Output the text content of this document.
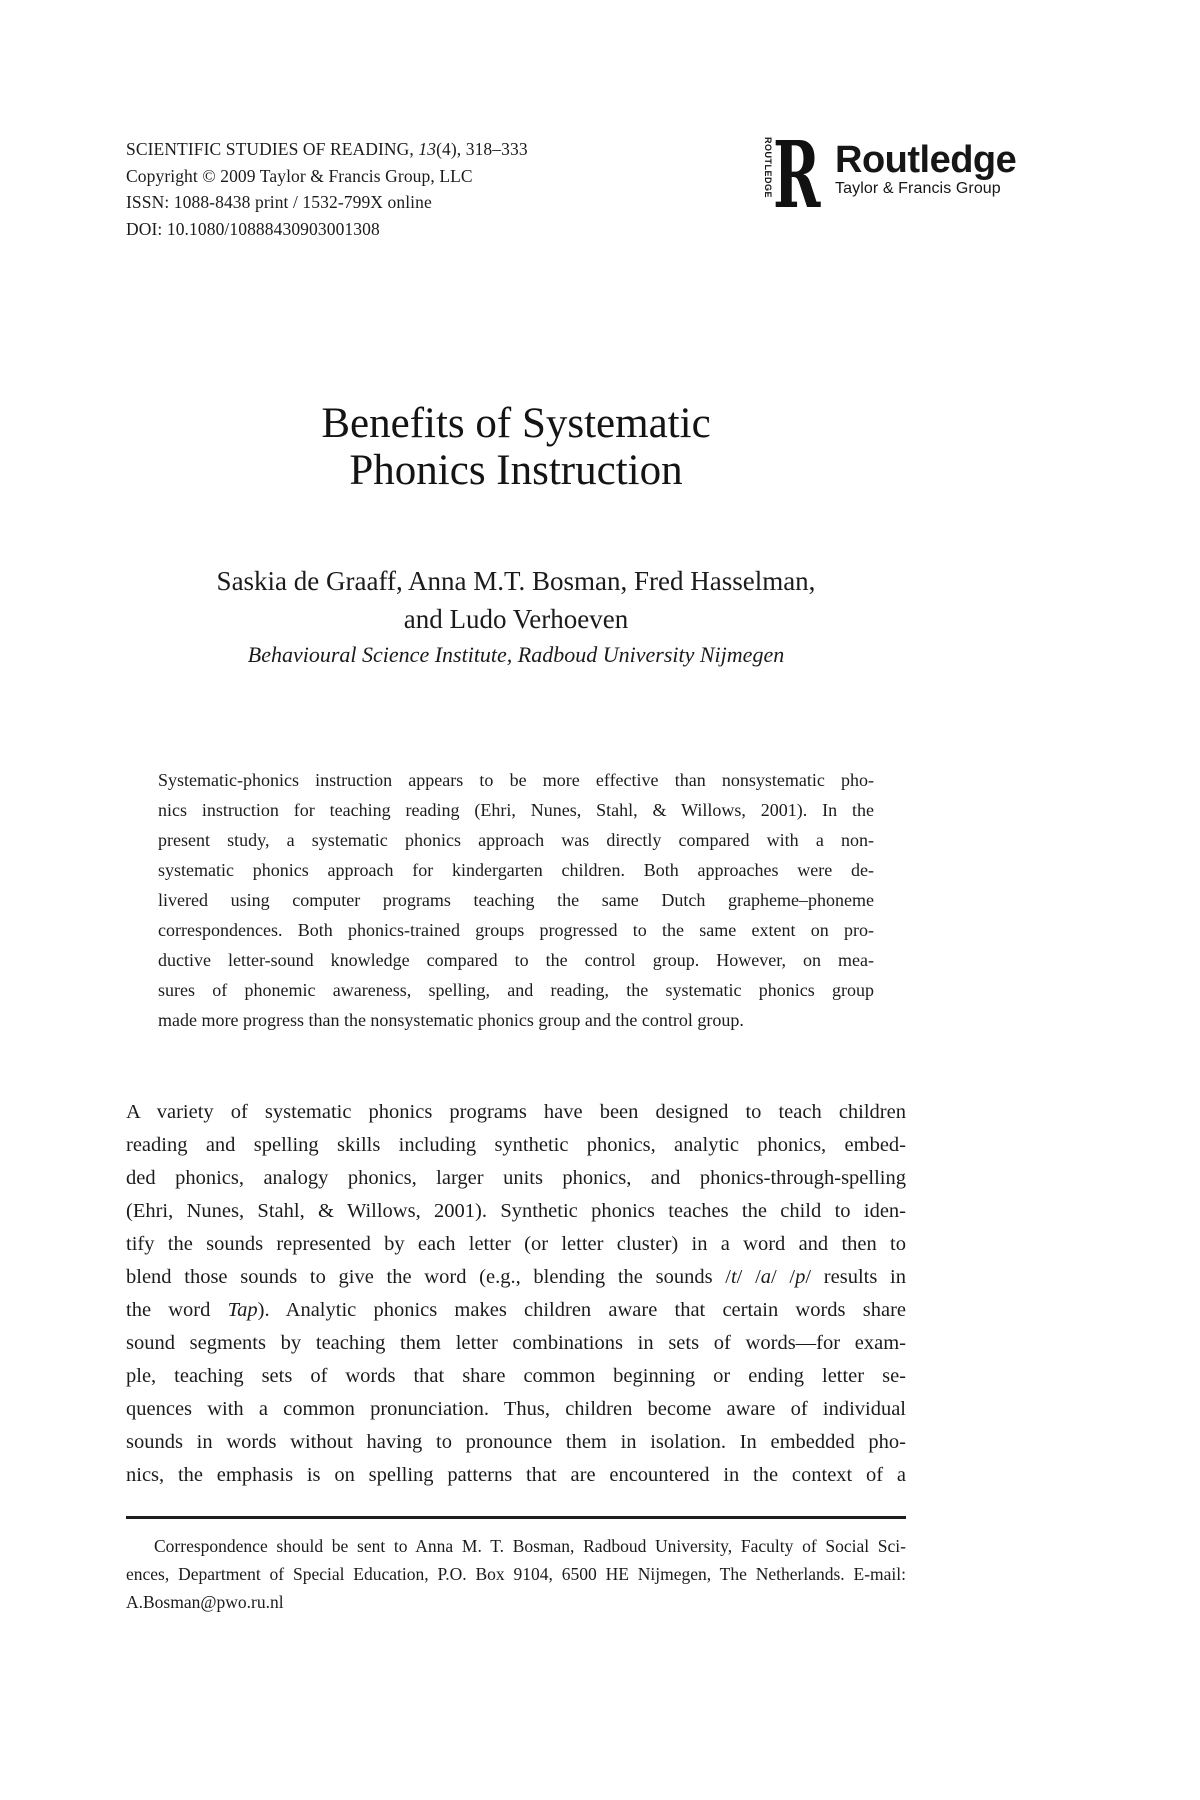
SCIENTIFIC STUDIES OF READING, 13(4), 318–333
Copyright © 2009 Taylor & Francis Group, LLC
ISSN: 1088-8438 print / 1532-799X online
DOI: 10.1080/10888430903001308
ROUTLEDGE R Routledge
Taylor & Francis Group
Benefits of Systematic
Phonics Instruction
Saskia de Graaff, Anna M.T. Bosman, Fred Hasselman,
and Ludo Verhoeven
Behavioural Science Institute, Radboud University Nijmegen
Systematic-phonics instruction appears to be more effective than nonsystematic pho-
nics instruction for teaching reading (Ehri, Nunes, Stahl, & Willows, 2001). In the
present study, a systematic phonics approach was directly compared with a non-
systematic phonics approach for kindergarten children. Both approaches were de-
livered using computer programs teaching the same Dutch grapheme–phoneme
correspondences. Both phonics-trained groups progressed to the same extent on pro-
ductive letter-sound knowledge compared to the control group. However, on mea-
sures of phonemic awareness, spelling, and reading, the systematic phonics group
made more progress than the nonsystematic phonics group and the control group.
A variety of systematic phonics programs have been designed to teach children
reading and spelling skills including synthetic phonics, analytic phonics, embed-
ded phonics, analogy phonics, larger units phonics, and phonics-through-spelling
(Ehri, Nunes, Stahl, & Willows, 2001). Synthetic phonics teaches the child to iden-
tify the sounds represented by each letter (or letter cluster) in a word and then to
blend those sounds to give the word (e.g., blending the sounds /t/ /a/ /p/ results in
the word Tap). Analytic phonics makes children aware that certain words share
sound segments by teaching them letter combinations in sets of words—for exam-
ple, teaching sets of words that share common beginning or ending letter se-
quences with a common pronunciation. Thus, children become aware of individual
sounds in words without having to pronounce them in isolation. In embedded pho-
nics, the emphasis is on spelling patterns that are encountered in the context of a
Correspondence should be sent to Anna M. T. Bosman, Radboud University, Faculty of Social Sci-
ences, Department of Special Education, P.O. Box 9104, 6500 HE Nijmegen, The Netherlands. E-mail:
A.Bosman@pwo.ru.nl
